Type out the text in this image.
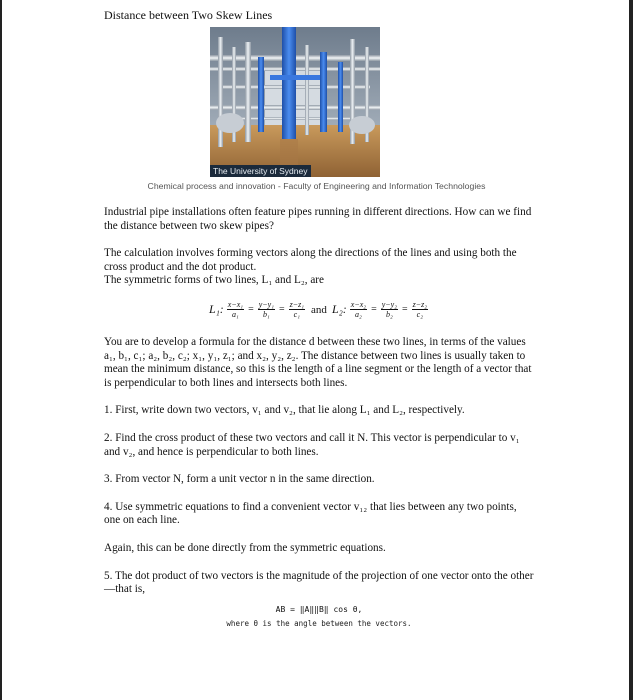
Distance between Two Skew Lines
The University of Sydney
Chemical process and innovation - Faculty of Engineering and Information Technologies

Industrial pipe installations often feature pipes running in different directions. How can we find the distance between two skew pipes?

The calculation involves forming vectors along the directions of the lines and using both the cross product and the dot product.

The symmetric forms of two lines, L₁ and L₂, are

L₁: $\frac{\text{x−x₁}}{\text{a₁}} = \frac{\text{y−y₁}}{\text{b₁}} = \frac{\text{z−z₁}}{\text{c₁}}$ and L₂: $\frac{\text{x−x₂}}{\text{a₂}} = \frac{\text{y−y₂}}{\text{b₂}} = \frac{\text{z−z₂}}{\text{c₂}}$

You are to develop a formula for the distance d between these two lines, in terms of the values a₁, b₁, c₁; a₂, b₂, c₂; x₁, y₁, z₁; and x₂, y₂, z₂. The distance between two lines is usually taken to mean the minimum distance, so this is the length of a line segment or the length of a vector that is perpendicular to both lines and intersects both lines.

1. First, write down two vectors, v₁ and v₂, that lie along L₁ and L₂, respectively.

2. Find the cross product of these two vectors and call it N. This vector is perpendicular to v₁ and v₂, and hence is perpendicular to both lines.

3. From vector N, form a unit vector n in the same direction.

4. Use symmetric equations to find a convenient vector v₁₂ that lies between any two points, one on each line.

Again, this can be done directly from the symmetric equations.

5. The dot product of two vectors is the magnitude of the projection of one vector onto the other—that is,

AB = ‖A‖‖B‖ cos θ,
where θ is the angle between the vectors.
